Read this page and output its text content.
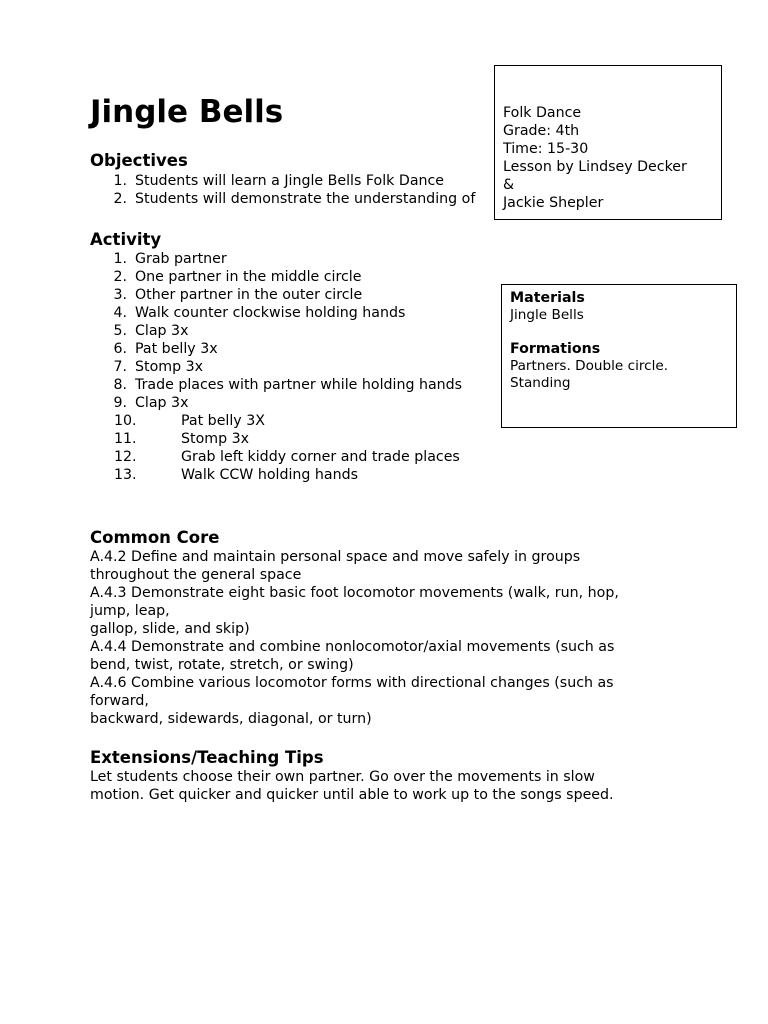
Jingle Bells
Objectives
1. Students will learn a Jingle Bells Folk Dance
2. Students will demonstrate the understanding of
Folk Dance
Grade: 4th
Time: 15-30
Lesson by Lindsey Decker
&
Jackie Shepler
Activity
1. Grab partner
2. One partner in the middle circle
3. Other partner in the outer circle
4. Walk counter clockwise holding hands
5. Clap 3x
6. Pat belly 3x
7. Stomp 3x
8. Trade places with partner while holding hands
9. Clap 3x
10.	Pat belly 3X
11.	Stomp 3x
12.	Grab left kiddy corner and trade places
13.	Walk CCW holding hands
Materials
Jingle Bells
Formations
Partners. Double circle.
Standing
Common Core
A.4.2 Define and maintain personal space and move safely in groups
throughout the general space
A.4.3 Demonstrate eight basic foot locomotor movements (walk, run, hop,
jump, leap,
gallop, slide, and skip)
A.4.4 Demonstrate and combine nonlocomotor/axial movements (such as
bend, twist, rotate, stretch, or swing)
A.4.6 Combine various locomotor forms with directional changes (such as
forward,
backward, sidewards, diagonal, or turn)
Extensions/Teaching Tips
Let students choose their own partner. Go over the movements in slow
motion. Get quicker and quicker until able to work up to the songs speed.
